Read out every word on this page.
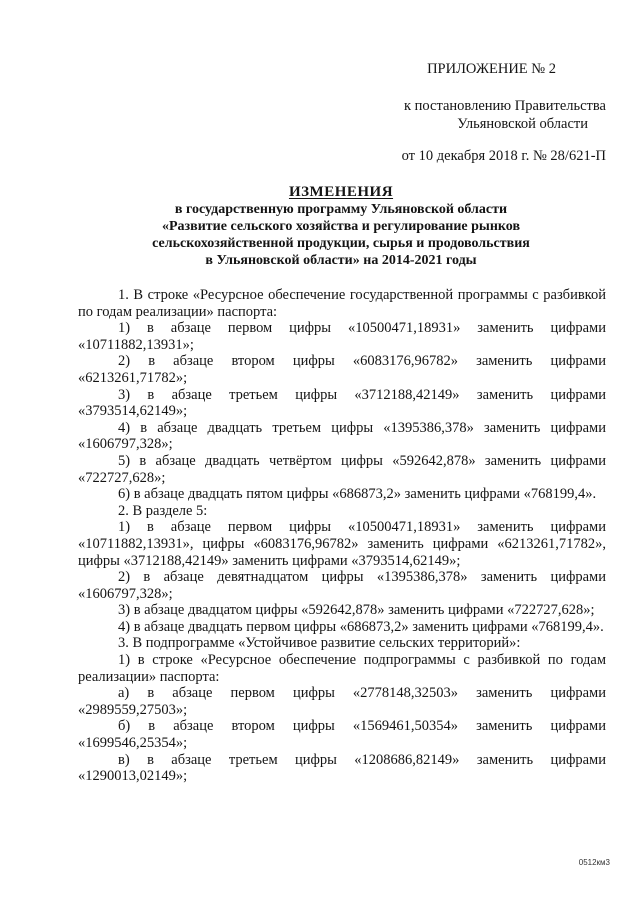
ПРИЛОЖЕНИЕ № 2
к постановлению Правительства
Ульяновской области
от 10 декабря 2018 г. № 28/621-П
ИЗМЕНЕНИЯ
в государственную программу Ульяновской области
«Развитие сельского хозяйства и регулирование рынков
сельскохозяйственной продукции, сырья и продовольствия
в Ульяновской области» на 2014-2021 годы

1. В строке «Ресурсное обеспечение государственной программы с разбивкой по годам реализации» паспорта:

1) в абзаце первом цифры «10500471,18931» заменить цифрами «10711882,13931»;

2) в абзаце втором цифры «6083176,96782» заменить цифрами «6213261,71782»;

3) в абзаце третьем цифры «3712188,42149» заменить цифрами «3793514,62149»;

4) в абзаце двадцать третьем цифры «1395386,378» заменить цифрами «1606797,328»;

5) в абзаце двадцать четвёртом цифры «592642,878» заменить цифрами «722727,628»;

6) в абзаце двадцать пятом цифры «686873,2» заменить цифрами «768199,4».

2. В разделе 5:

1) в абзаце первом цифры «10500471,18931» заменить цифрами «10711882,13931», цифры «6083176,96782» заменить цифрами «6213261,71782», цифры «3712188,42149» заменить цифрами «3793514,62149»;

2) в абзаце девятнадцатом цифры «1395386,378» заменить цифрами «1606797,328»;

3) в абзаце двадцатом цифры «592642,878» заменить цифрами «722727,628»;

4) в абзаце двадцать первом цифры «686873,2» заменить цифрами «768199,4».

3. В подпрограмме «Устойчивое развитие сельских территорий»:

1) в строке «Ресурсное обеспечение подпрограммы с разбивкой по годам реализации» паспорта:

а) в абзаце первом цифры «2778148,32503» заменить цифрами «2989559,27503»;

б) в абзаце втором цифры «1569461,50354» заменить цифрами «1699546,25354»;

в) в абзаце третьем цифры «1208686,82149» заменить цифрами «1290013,02149»;

0512км3
